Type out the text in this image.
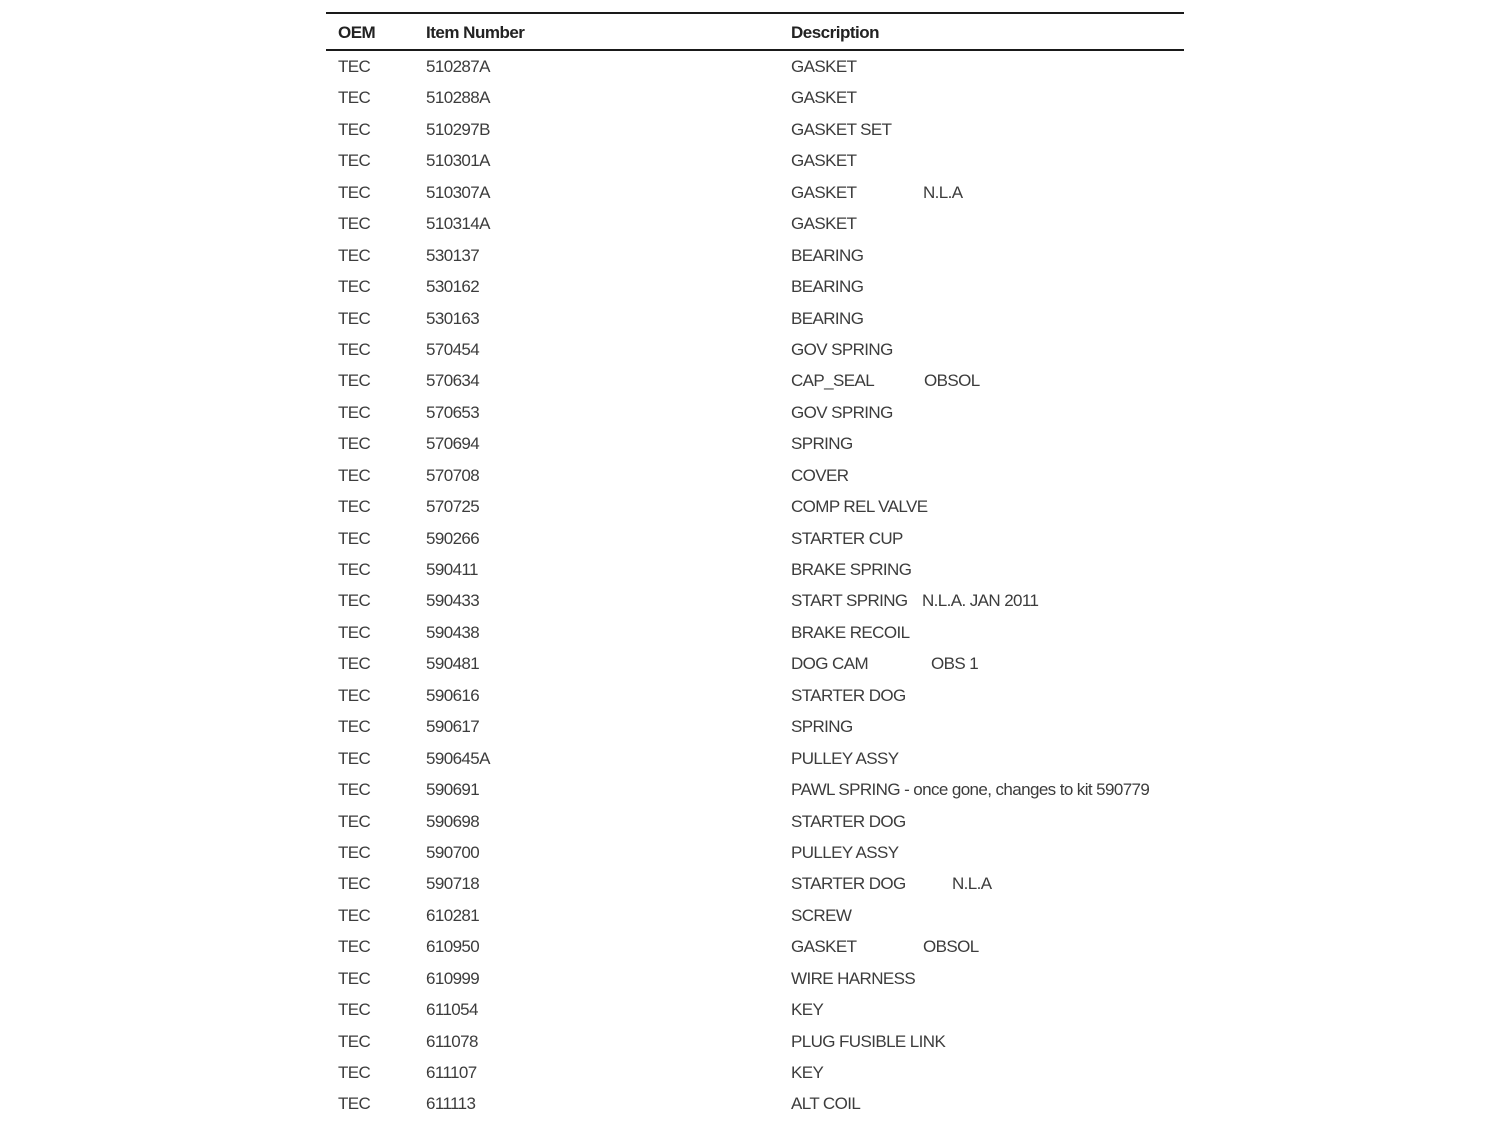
OEM	Item Number	Description
TEC	510287A	GASKET
TEC	510288A	GASKET
TEC	510297B	GASKET SET
TEC	510301A	GASKET
TEC	510307A	GASKET	N.L.A
TEC	510314A	GASKET
TEC	530137	BEARING
TEC	530162	BEARING
TEC	530163	BEARING
TEC	570454	GOV SPRING
TEC	570634	CAP_SEAL	OBSOL
TEC	570653	GOV SPRING
TEC	570694	SPRING
TEC	570708	COVER
TEC	570725	COMP REL VALVE
TEC	590266	STARTER CUP
TEC	590411	BRAKE SPRING
TEC	590433	START SPRING N.L.A. JAN 2011
TEC	590438	BRAKE RECOIL
TEC	590481	DOG CAM	OBS 1
TEC	590616	STARTER DOG
TEC	590617	SPRING
TEC	590645A	PULLEY ASSY
TEC	590691	PAWL SPRING - once gone, changes to kit 590779
TEC	590698	STARTER DOG
TEC	590700	PULLEY ASSY
TEC	590718	STARTER DOG	N.L.A
TEC	610281	SCREW
TEC	610950	GASKET	OBSOL
TEC	610999	WIRE HARNESS
TEC	611054	KEY
TEC	611078	PLUG FUSIBLE LINK
TEC	611107	KEY
TEC	611113	ALT COIL
